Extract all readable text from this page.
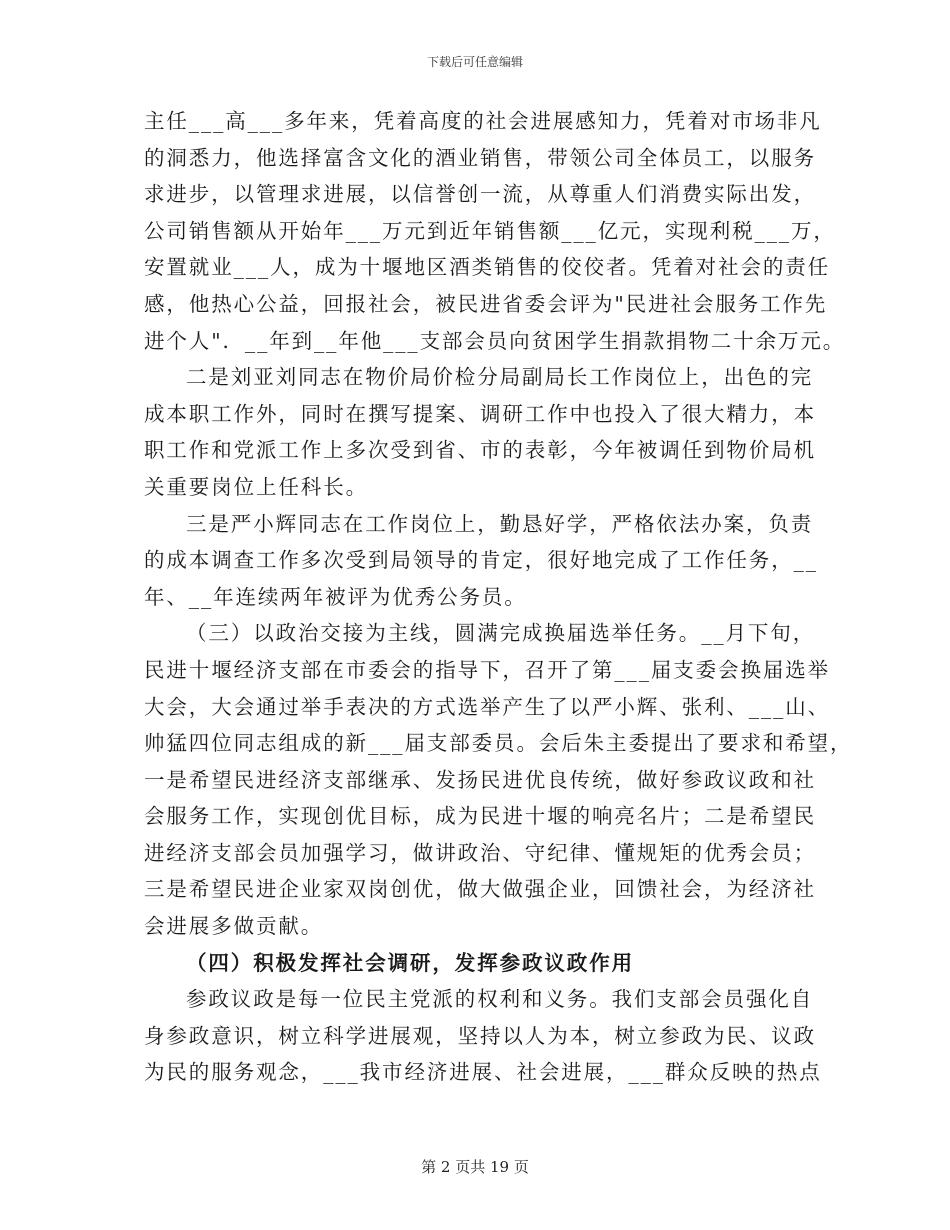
下载后可任意编辑
主任___高___多年来，凭着高度的社会进展感知力，凭着对市场非凡
的洞悉力，他选择富含文化的酒业销售，带领公司全体员工，以服务
求进步，以管理求进展，以信誉创一流，从尊重人们消费实际出发，
公司销售额从开始年___万元到近年销售额___亿元，实现利税___万，
安置就业___人，成为十堰地区酒类销售的佼佼者。凭着对社会的责任
感，他热心公益，回报社会，被民进省委会评为"民进社会服务工作先
进个人"．__年到__年他___支部会员向贫困学生捐款捐物二十余万元。
二是刘亚刘同志在物价局价检分局副局长工作岗位上，出色的完
成本职工作外，同时在撰写提案、调研工作中也投入了很大精力，本
职工作和党派工作上多次受到省、市的表彰，今年被调任到物价局机
关重要岗位上任科长。
三是严小辉同志在工作岗位上，勤恳好学，严格依法办案，负责
的成本调查工作多次受到局领导的肯定，很好地完成了工作任务，__
年、__年连续两年被评为优秀公务员。
（三）以政治交接为主线，圆满完成换届选举任务。__月下旬，
民进十堰经济支部在市委会的指导下，召开了第___届支委会换届选举
大会，大会通过举手表决的方式选举产生了以严小辉、张利、___山、
帅猛四位同志组成的新___届支部委员。会后朱主委提出了要求和希望，
一是希望民进经济支部继承、发扬民进优良传统，做好参政议政和社
会服务工作，实现创优目标，成为民进十堰的响亮名片；二是希望民
进经济支部会员加强学习，做讲政治、守纪律、懂规矩的优秀会员；
三是希望民进企业家双岗创优，做大做强企业，回馈社会，为经济社
会进展多做贡献。
（四）积极发挥社会调研，发挥参政议政作用
参政议政是每一位民主党派的权利和义务。我们支部会员强化自
身参政意识，树立科学进展观，坚持以人为本，树立参政为民、议政
为民的服务观念，___我市经济进展、社会进展，___群众反映的热点
第 2 页共 19 页
